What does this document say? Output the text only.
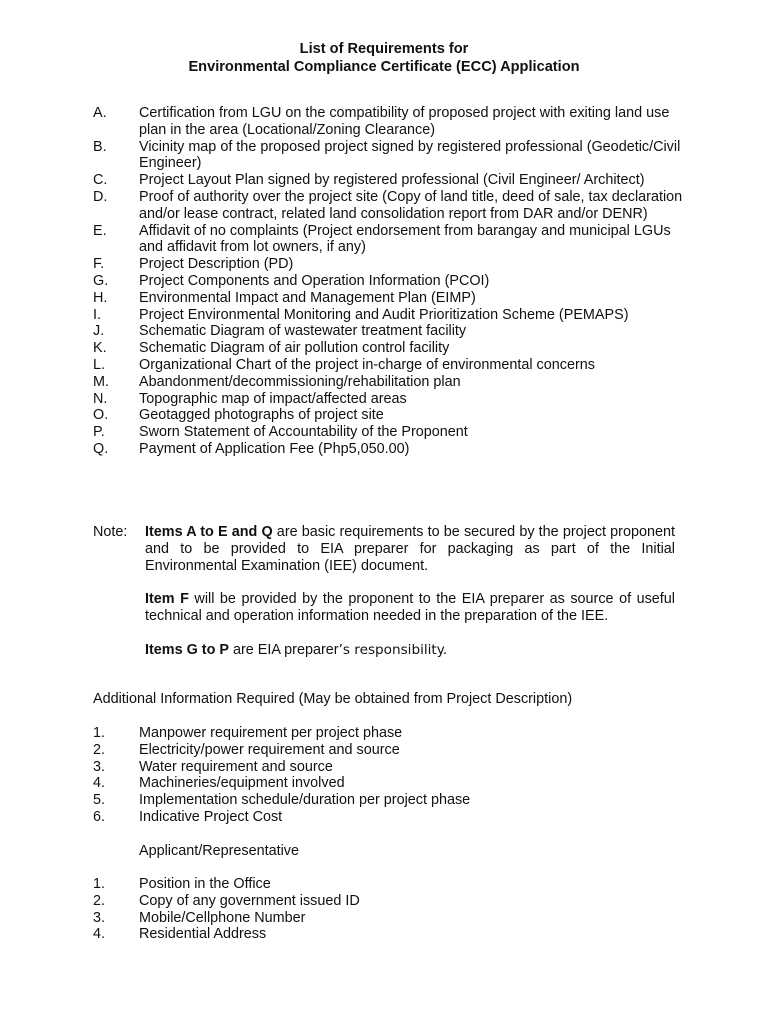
List of Requirements for
Environmental Compliance Certificate (ECC) Application
A. Certification from LGU on the compatibility of proposed project with exiting land use plan in the area (Locational/Zoning Clearance)
B. Vicinity map of the proposed project signed by registered professional (Geodetic/Civil Engineer)
C. Project Layout Plan signed by registered professional (Civil Engineer/ Architect)
D. Proof of authority over the project site (Copy of land title, deed of sale, tax declaration and/or lease contract, related land consolidation report from DAR and/or DENR)
E. Affidavit of no complaints (Project endorsement from barangay and municipal LGUs and affidavit from lot owners, if any)
F. Project Description (PD)
G. Project Components and Operation Information (PCOI)
H. Environmental Impact and Management Plan (EIMP)
I.	Project Environmental Monitoring and Audit Prioritization Scheme (PEMAPS)
J. Schematic Diagram of wastewater treatment facility
K. Schematic Diagram of air pollution control facility
L. Organizational Chart of the project in-charge of environmental concerns
M. Abandonment/decommissioning/rehabilitation plan
N. Topographic map of impact/affected areas
O. Geotagged photographs of project site
P. Sworn Statement of Accountability of the Proponent
Q. Payment of Application Fee (Php5,050.00)
Note: Items A to E and Q are basic requirements to be secured by the project proponent and to be provided to EIA preparer for packaging as part of the Initial Environmental Examination (IEE) document.
Item F will be provided by the proponent to the EIA preparer as source of useful technical and operation information needed in the preparation of the IEE.
Items G to P are EIA preparer’s responsibility.
Additional Information Required (May be obtained from Project Description)
1. Manpower requirement per project phase
2. Electricity/power requirement and source
3. Water requirement and source
4. Machineries/equipment involved
5. Implementation schedule/duration per project phase
6. Indicative Project Cost
Applicant/Representative
1. Position in the Office
2. Copy of any government issued ID
3. Mobile/Cellphone Number
4. Residential Address
